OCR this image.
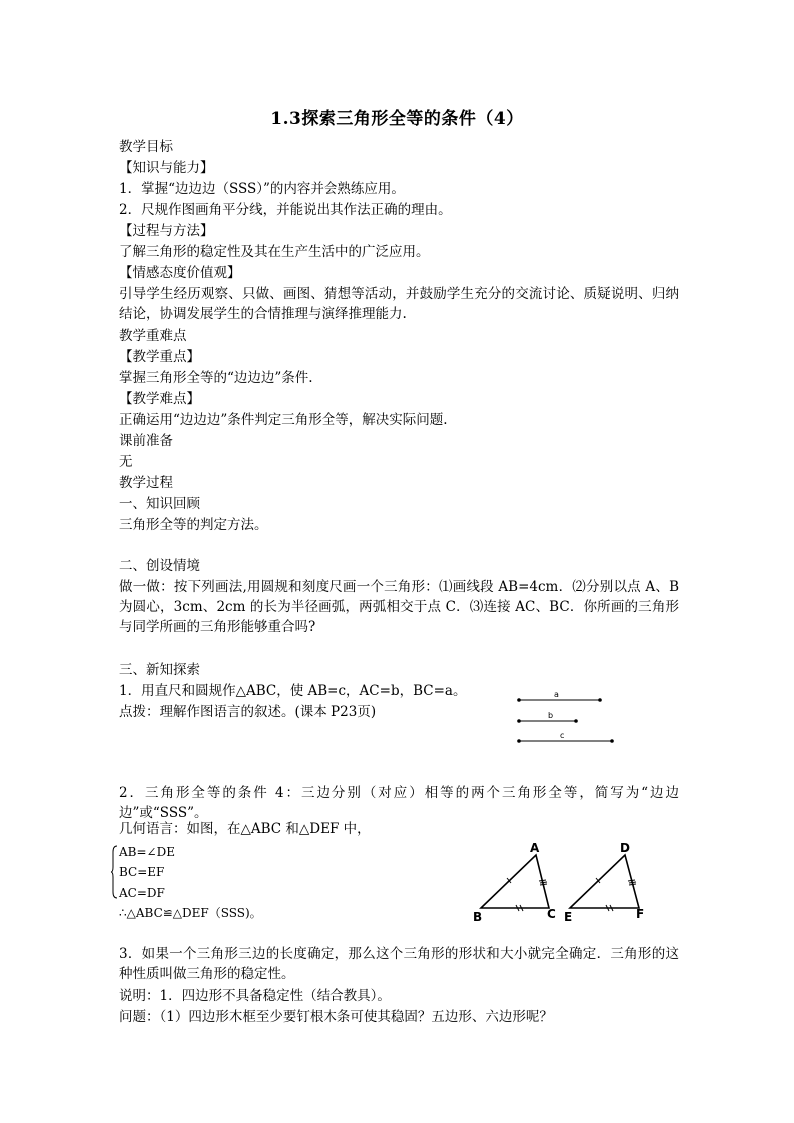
1.3探索三角形全等的条件（4）
教学目标
【知识与能力】
1．掌握“边边边（SSS）”的内容并会熟练应用。
2．尺规作图画角平分线，并能说出其作法正确的理由。
【过程与方法】
了解三角形的稳定性及其在生产生活中的广泛应用。
【情感态度价值观】
引导学生经历观察、只做、画图、猜想等活动，并鼓励学生充分的交流讨论、质疑说明、归纳结论，协调发展学生的合情推理与演绎推理能力.
教学重难点
【教学重点】
掌握三角形全等的“边边边”条件.
【教学难点】
正确运用“边边边”条件判定三角形全等，解决实际问题.
课前准备
无
教学过程
一、知识回顾
三角形全等的判定方法。
二、创设情境
做一做：按下列画法,用圆规和刻度尺画一个三角形：⑴画线段 AB=4cm．⑵分别以点 A、B为圆心，3cm、2cm 的长为半径画弧，两弧相交于点 C．⑶连接 AC、BC．你所画的三角形与同学所画的三角形能够重合吗?
三、新知探索
1．用直尺和圆规作△ABC，使 AB=c，AC=b，BC=a。
点拨：理解作图语言的叙述。(课本 P23页)
a
b
c
2．三角形全等的条件 4：三边分别（对应）相等的两个三角形全等，简写为“边边边”或“SSS”。
几何语言：如图，在△ABC 和△DEF 中，
AB=∠DE
BC=EF
AC=DF
∴△ABC≌△DEF（SSS)。
A
B	C
D
E	F
3．如果一个三角形三边的长度确定，那么这个三角形的形状和大小就完全确定．三角形的这种性质叫做三角形的稳定性。
说明：1．四边形不具备稳定性（结合教具）。
问题：（1）四边形木框至少要钉根木条可使其稳固？五边形、六边形呢？
